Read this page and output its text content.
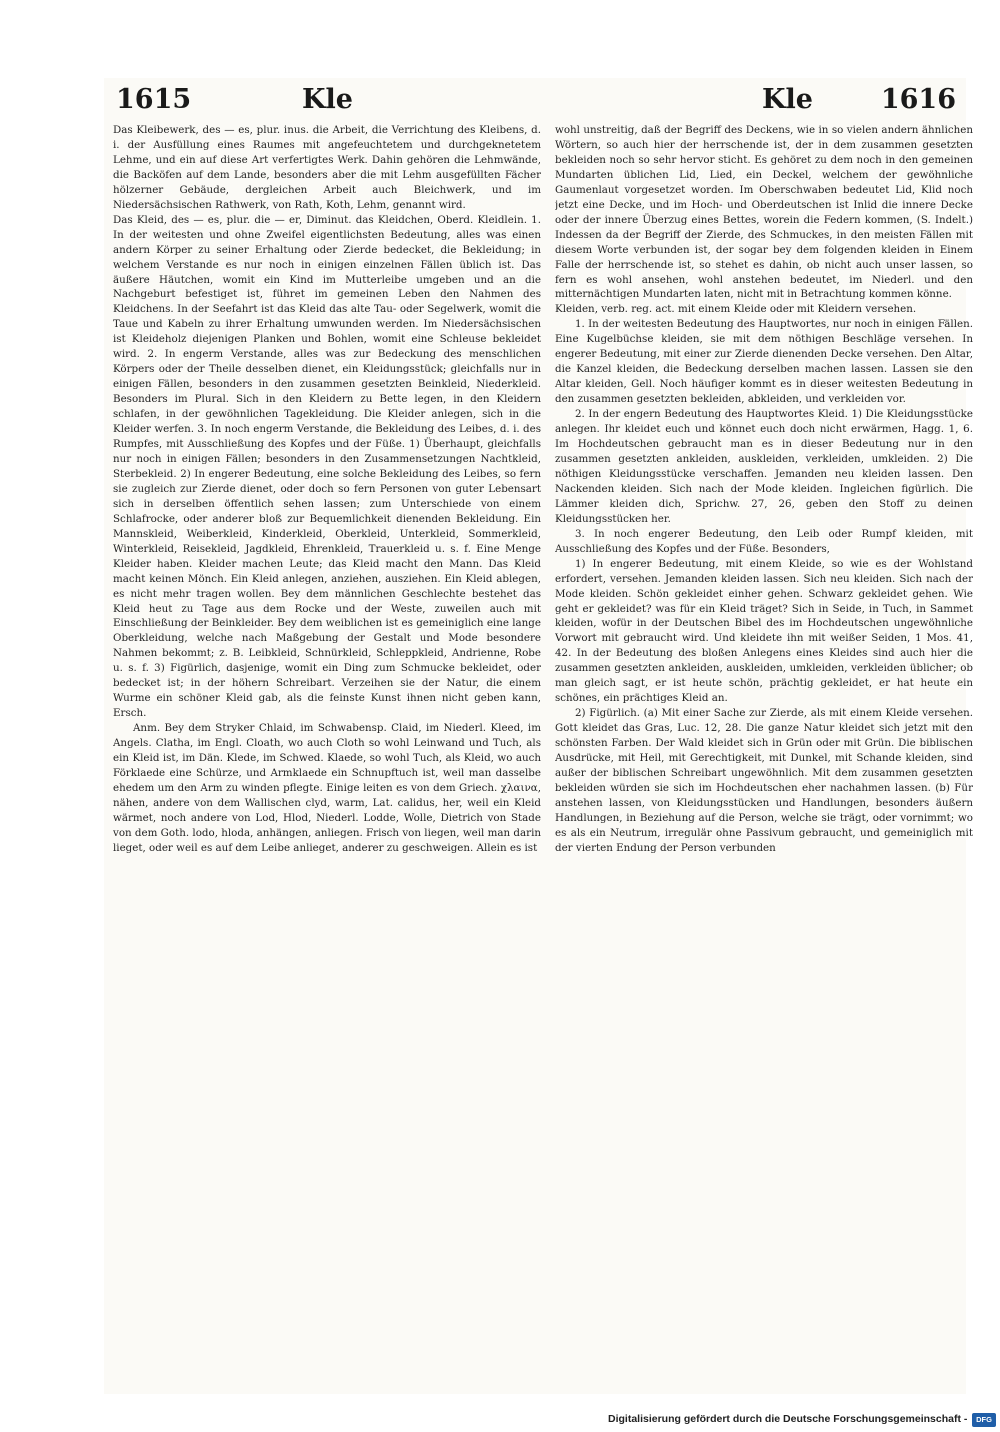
1615	Kle	Kle	1616

Das Kleibewerk, des — es, plur. inus. die Arbeit, die Verrichtung des Kleibens, d. i. der Ausfüllung eines Raumes mit angefeuchtetem und durchgeknetetem Lehme, und ein auf diese Art verfertigtes Werk. Dahin gehören die Lehmwände, die Backöfen auf dem Lande, besonders aber die mit Lehm ausgefüllten Fächer hölzerner Gebäude, dergleichen Arbeit auch Bleichwerk, und im Niedersächsischen Rathwerk, von Rath, Koth, Lehm, genannt wird.

Das Kleid, des — es, plur. die — er, Diminut. das Kleidchen, Oberd. Kleidlein. 1. In der weitesten und ohne Zweifel eigentlichsten Bedeutung, alles was einen andern Körper zu seiner Erhaltung oder Zierde bedecket, die Bekleidung; in welchem Verstande es nur noch in einigen einzelnen Fällen üblich ist. Das äußere Häutchen, womit ein Kind im Mutterleibe umgeben und an die Nachgeburt befestiget ist, führet im gemeinen Leben den Nahmen des Kleidchens. In der Seefahrt ist das Kleid das alte Tau- oder Segelwerk, womit die Taue und Kabeln zu ihrer Erhaltung umwunden werden. Im Niedersächsischen ist Kleideholz diejenigen Planken und Bohlen, womit eine Schleuse bekleidet wird. 2. In engerm Verstande, alles was zur Bedeckung des menschlichen Körpers oder der Theile desselben dienet, ein Kleidungsstück; gleichfalls nur in einigen Fällen, besonders in den zusammen gesetzten Beinkleid, Niederkleid. Besonders im Plural. Sich in den Kleidern zu Bette legen, in den Kleidern schlafen, in der gewöhnlichen Tagekleidung. Die Kleider anlegen, sich in die Kleider werfen. 3. In noch engerm Verstande, die Bekleidung des Leibes, d. i. des Rumpfes, mit Ausschließung des Kopfes und der Füße. 1) Überhaupt, gleichfalls nur noch in einigen Fällen; besonders in den Zusammensetzungen Nachtkleid, Sterbekleid. 2) In engerer Bedeutung, eine solche Bekleidung des Leibes, so fern sie zugleich zur Zierde dienet, oder doch so fern Personen von guter Lebensart sich in derselben öffentlich sehen lassen; zum Unterschiede von einem Schlafrocke, oder anderer bloß zur Bequemlichkeit dienenden Bekleidung. Ein Mannskleid, Weiberkleid, Kinderkleid, Oberkleid, Unterkleid, Sommerkleid, Winterkleid, Reisekleid, Jagdkleid, Ehrenkleid, Trauerkleid u. s. f. Eine Menge Kleider haben. Kleider machen Leute; das Kleid macht den Mann. Das Kleid macht keinen Mönch. Ein Kleid anlegen, anziehen, ausziehen. Ein Kleid ablegen, es nicht mehr tragen wollen. Bey dem männlichen Geschlechte bestehet das Kleid heut zu Tage aus dem Rocke und der Weste, zuweilen auch mit Einschließung der Beinkleider. Bey dem weiblichen ist es gemeiniglich eine lange Oberkleidung, welche nach Maßgebung der Gestalt und Mode besondere Nahmen bekommt; z. B. Leibkleid, Schnürkleid, Schleppkleid, Andrienne, Robe u. s. f. 3) Figürlich, dasjenige, womit ein Ding zum Schmucke bekleidet, oder bedecket ist; in der höhern Schreibart. Verzeihen sie der Natur, die einem Wurme ein schöner Kleid gab, als die feinste Kunst ihnen nicht geben kann, Ersch.

Anm. Bey dem Stryker Chlaid, im Schwabensp. Claid, im Niederl. Kleed, im Angels. Clatha, im Engl. Cloath, wo auch Cloth so wohl Leinwand und Tuch, als ein Kleid ist, im Dän. Klede, im Schwed. Klaede, so wohl Tuch, als Kleid, wo auch Förklaede eine Schürze, und Armklaede ein Schnupftuch ist, weil man dasselbe ehedem um den Arm zu winden pflegte. Einige leiten es von dem Griech. χλαινα, nähen, andere von dem Wallischen clyd, warm, Lat. calidus, her, weil ein Kleid wärmet, noch andere von Lod, Hlod, Niederl. Lodde, Wolle, Dietrich von Stade von dem Goth. lodo, hloda, anhängen, anliegen. Frisch von liegen, weil man darin lieget, oder weil es auf dem Leibe anlieget, anderer zu geschweigen. Allein es ist

wohl unstreitig, daß der Begriff des Deckens, wie in so vielen andern ähnlichen Wörtern, so auch hier der herrschende ist, der in dem zusammen gesetzten bekleiden noch so sehr hervor sticht. Es gehöret zu dem noch in den gemeinen Mundarten üblichen Lid, Lied, ein Deckel, welchem der gewöhnliche Gaumenlaut vorgesetzet worden. Im Oberschwaben bedeutet Lid, Klid noch jetzt eine Decke, und im Hoch- und Oberdeutschen ist Inlid die innere Decke oder der innere Überzug eines Bettes, worein die Federn kommen, (S. Indelt.) Indessen da der Begriff der Zierde, des Schmuckes, in den meisten Fällen mit diesem Worte verbunden ist, der sogar bey dem folgenden kleiden in Einem Falle der herrschende ist, so stehet es dahin, ob nicht auch unser lassen, so fern es wohl ansehen, wohl anstehen bedeutet, im Niederl. und den mitternächtigen Mundarten laten, nicht mit in Betrachtung kommen könne.

Kleiden, verb. reg. act. mit einem Kleide oder mit Kleidern versehen.

1. In der weitesten Bedeutung des Hauptwortes, nur noch in einigen Fällen. Eine Kugelbüchse kleiden, sie mit dem nöthigen Beschläge versehen. In engerer Bedeutung, mit einer zur Zierde dienenden Decke versehen. Den Altar, die Kanzel kleiden, die Bedeckung derselben machen lassen. Lassen sie den Altar kleiden, Gell. Noch häufiger kommt es in dieser weitesten Bedeutung in den zusammen gesetzten bekleiden, abkleiden, und verkleiden vor.

2. In der engern Bedeutung des Hauptwortes Kleid. 1) Die Kleidungsstücke anlegen. Ihr kleidet euch und könnet euch doch nicht erwärmen, Hagg. 1, 6. Im Hochdeutschen gebraucht man es in dieser Bedeutung nur in den zusammen gesetzten ankleiden, auskleiden, verkleiden, umkleiden. 2) Die nöthigen Kleidungsstücke verschaffen. Jemanden neu kleiden lassen. Den Nackenden kleiden. Sich nach der Mode kleiden. Ingleichen figürlich. Die Lämmer kleiden dich, Sprichw. 27, 26, geben den Stoff zu deinen Kleidungsstücken her.

3. In noch engerer Bedeutung, den Leib oder Rumpf kleiden, mit Ausschließung des Kopfes und der Füße. Besonders,

1) In engerer Bedeutung, mit einem Kleide, so wie es der Wohlstand erfordert, versehen. Jemanden kleiden lassen. Sich neu kleiden. Sich nach der Mode kleiden. Schön gekleidet einher gehen. Schwarz gekleidet gehen. Wie geht er gekleidet? was für ein Kleid träget? Sich in Seide, in Tuch, in Sammet kleiden, wofür in der Deutschen Bibel des im Hochdeutschen ungewöhnliche Vorwort mit gebraucht wird. Und kleidete ihn mit weißer Seiden, 1 Mos. 41, 42. In der Bedeutung des bloßen Anlegens eines Kleides sind auch hier die zusammen gesetzten ankleiden, auskleiden, umkleiden, verkleiden üblicher; ob man gleich sagt, er ist heute schön, prächtig gekleidet, er hat heute ein schönes, ein prächtiges Kleid an.

2) Figürlich. (a) Mit einer Sache zur Zierde, als mit einem Kleide versehen. Gott kleidet das Gras, Luc. 12, 28. Die ganze Natur kleidet sich jetzt mit den schönsten Farben. Der Wald kleidet sich in Grün oder mit Grün. Die biblischen Ausdrücke, mit Heil, mit Gerechtigkeit, mit Dunkel, mit Schande kleiden, sind außer der biblischen Schreibart ungewöhnlich. Mit dem zusammen gesetzten bekleiden würden sie sich im Hochdeutschen eher nachahmen lassen. (b) Für anstehen lassen, von Kleidungsstücken und Handlungen, besonders äußern Handlungen, in Beziehung auf die Person, welche sie trägt, oder vornimmt; wo es als ein Neutrum, irregulär ohne Passivum gebraucht, und gemeiniglich mit der vierten Endung der Person verbunden

Digitalisierung gefördert durch die Deutsche Forschungsgemeinschaft -	DFG
